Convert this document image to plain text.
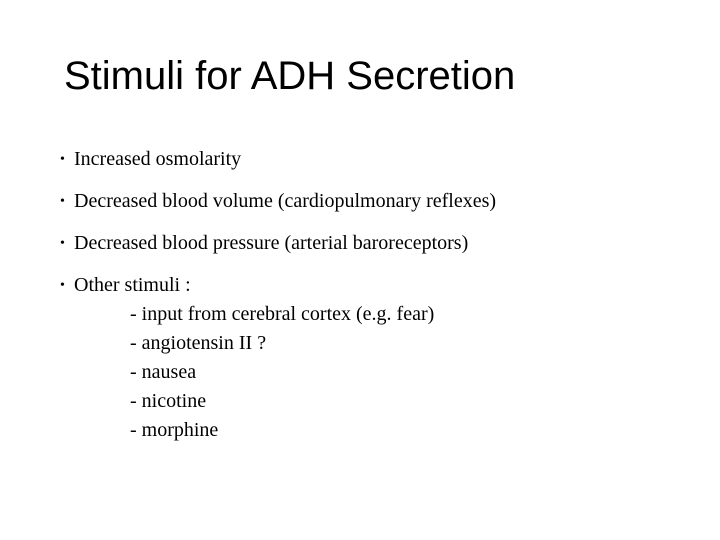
Stimuli for ADH Secretion
• Increased osmolarity
• Decreased blood volume (cardiopulmonary reflexes)
• Decreased blood pressure (arterial baroreceptors)
• Other stimuli :
- input from cerebral cortex (e.g. fear)
- angiotensin II ?
- nausea
- nicotine
- morphine
